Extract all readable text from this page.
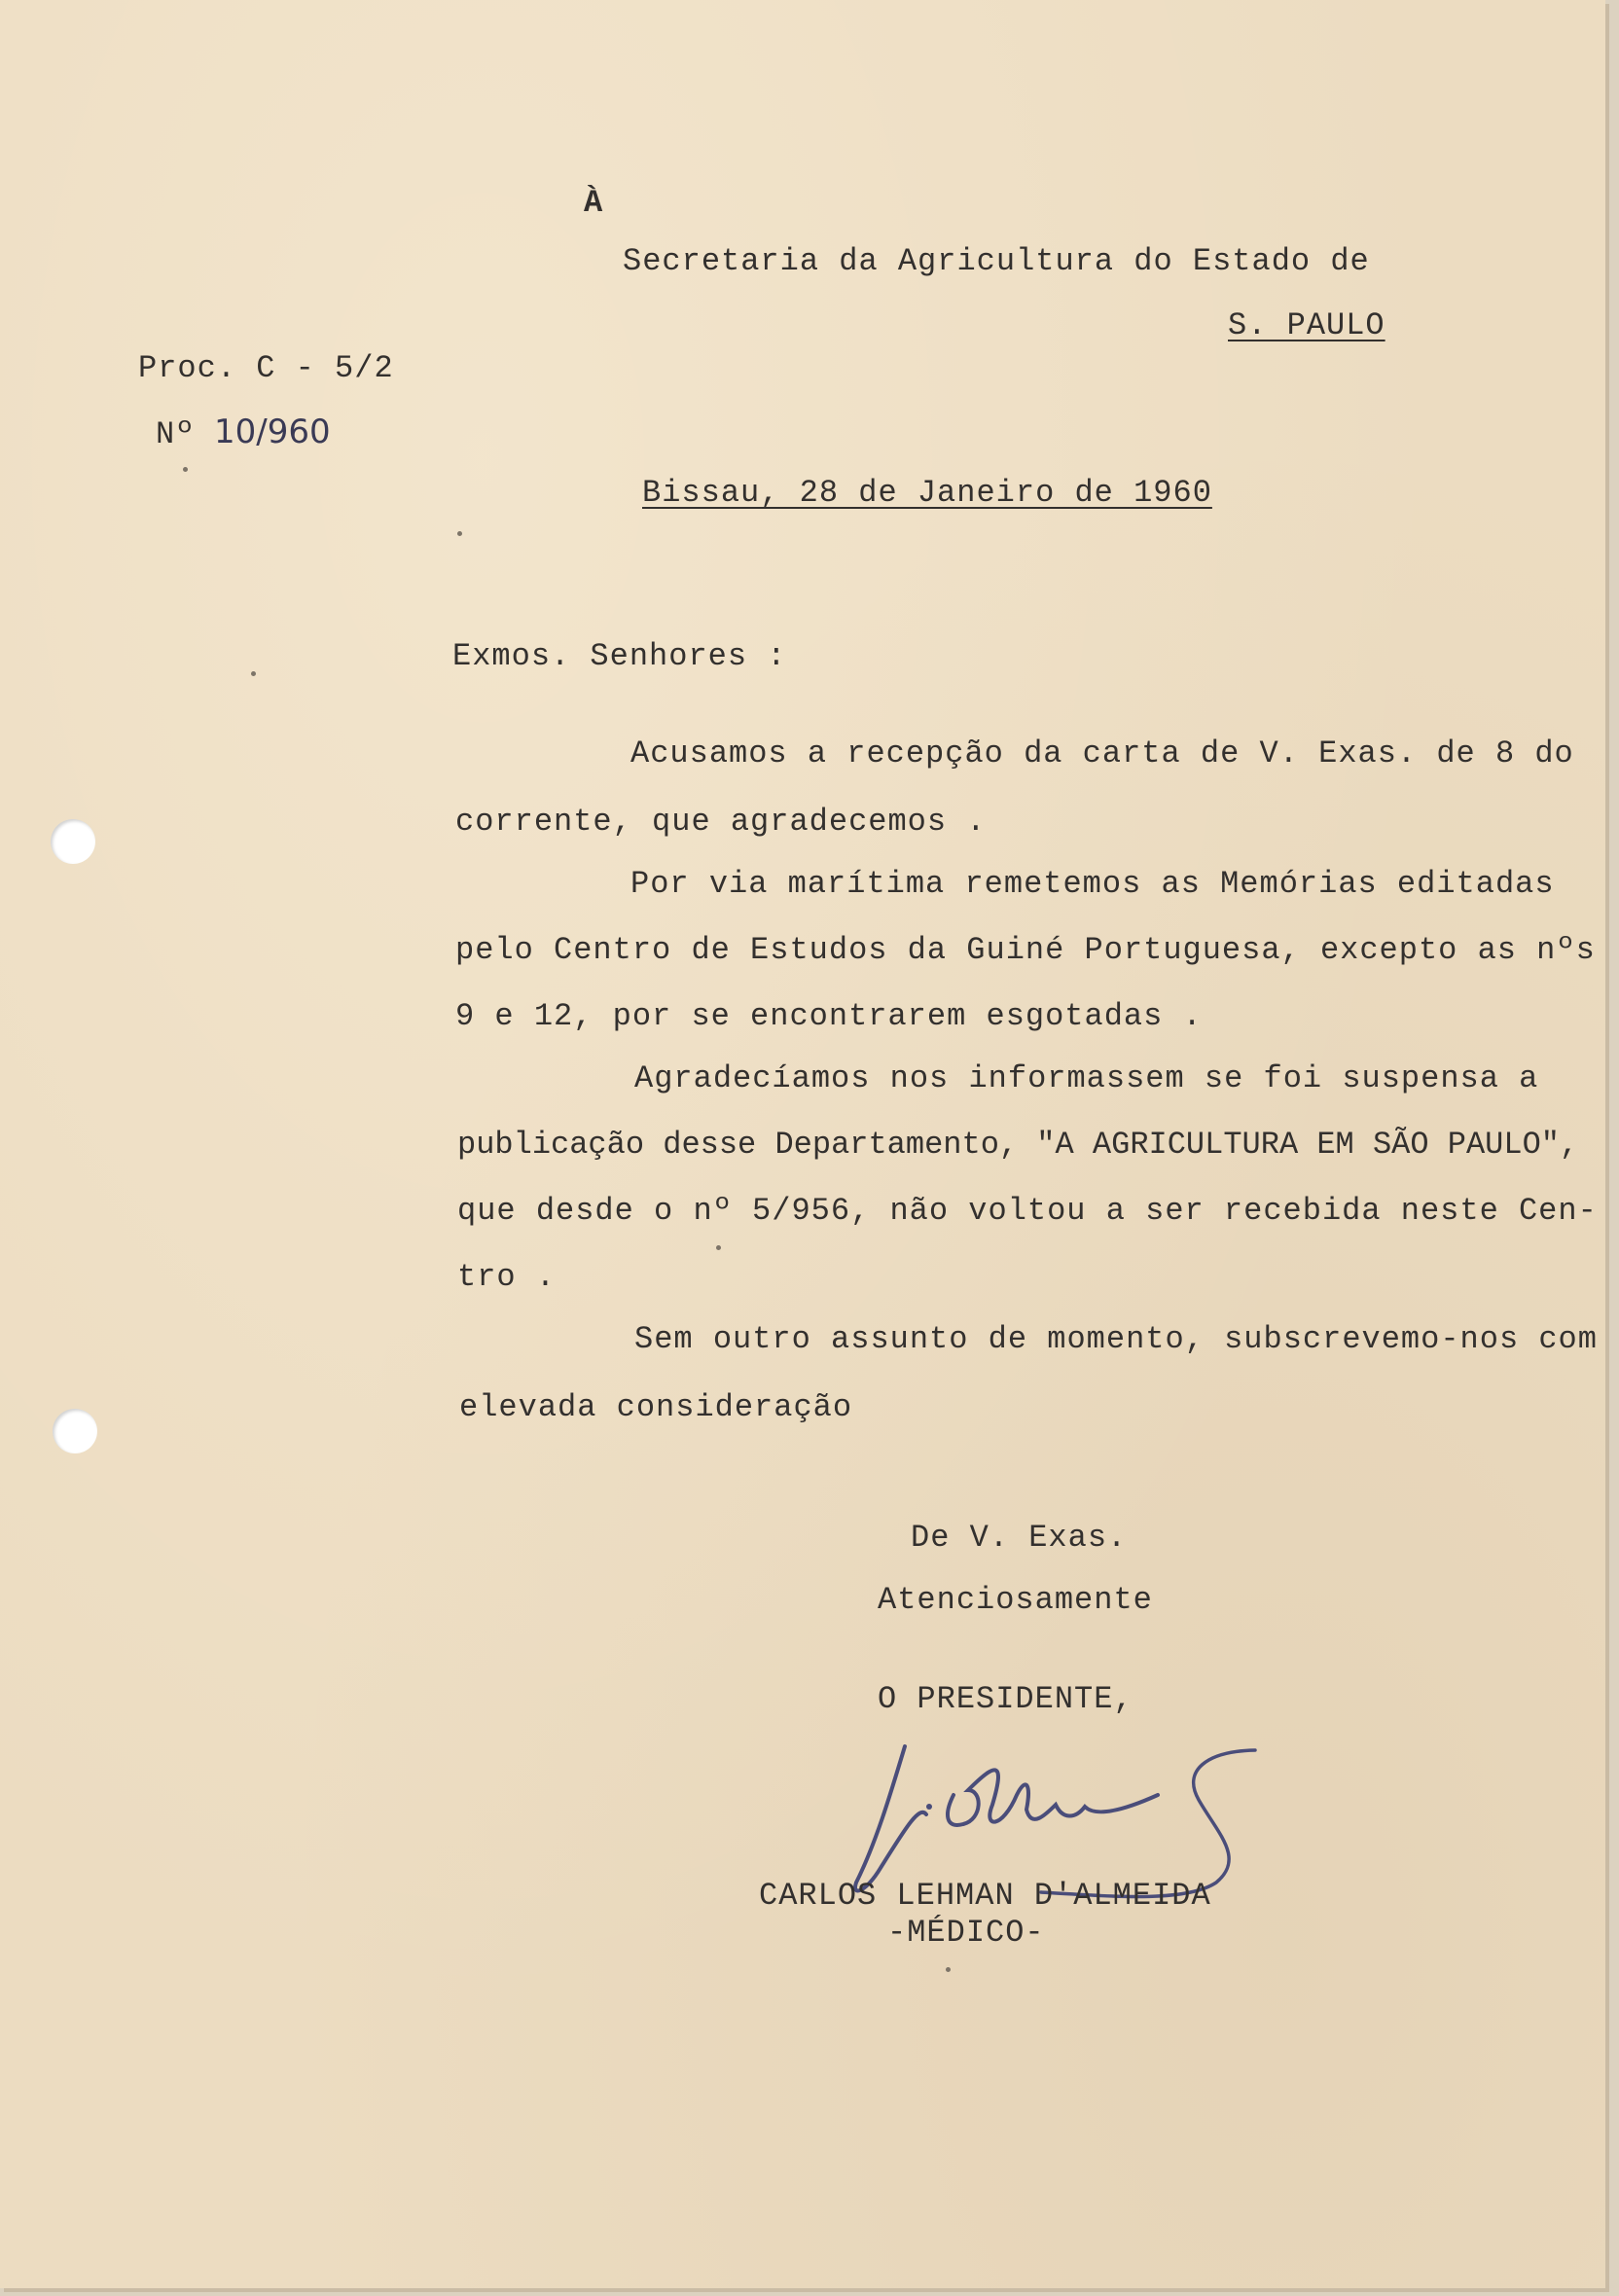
À
Secretaria da Agricultura do Estado de
S. PAULO
Proc. C - 5/2
Nº 10/960
Bissau, 28 de Janeiro de 1960
Exmos. Senhores :
Acusamos a recepção da carta de V. Exas. de 8 do
corrente, que agradecemos .
Por via marítima remetemos as Memórias editadas
pelo Centro de Estudos da Guiné Portuguesa, excepto as nºs
9 e 12, por se encontrarem esgotadas .
Agradecíamos nos informassem se foi suspensa a
publicação desse Departamento, "A AGRICULTURA EM SÃO PAULO",
que desde o nº 5/956, não voltou a ser recebida neste Cen-
tro .
Sem outro assunto de momento, subscrevemo-nos com
elevada consideração
De V. Exas.
Atenciosamente
O PRESIDENTE,
CARLOS LEHMAN D'ALMEIDA
-MÉDICO-
